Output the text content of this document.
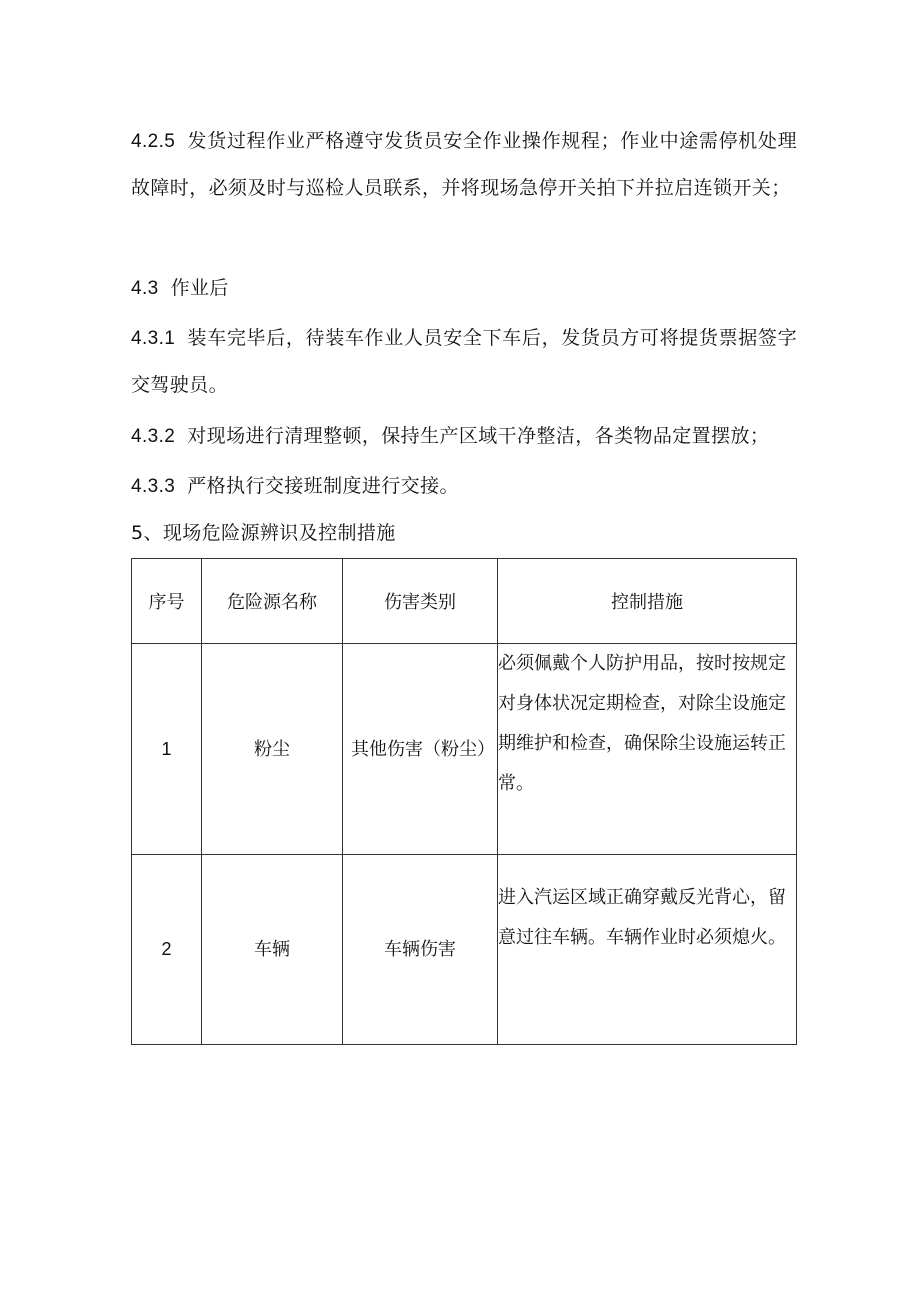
4.2.5 发货过程作业严格遵守发货员安全作业操作规程；作业中途需停机处理故障时，必须及时与巡检人员联系，并将现场急停开关拍下并拉启连锁开关；

4.3 作业后

4.3.1 装车完毕后，待装车作业人员安全下车后，发货员方可将提货票据签字交驾驶员。

4.3.2 对现场进行清理整顿，保持生产区域干净整洁，各类物品定置摆放；

4.3.3 严格执行交接班制度进行交接。

5、现场危险源辨识及控制措施

序号	危险源名称	伤害类别	控制措施
1	粉尘	其他伤害（粉尘）	必须佩戴个人防护用品，按时按规定对身体状况定期检查，对除尘设施定期维护和检查，确保除尘设施运转正常。
2	车辆	车辆伤害	进入汽运区域正确穿戴反光背心，留意过往车辆。车辆作业时必须熄火。
